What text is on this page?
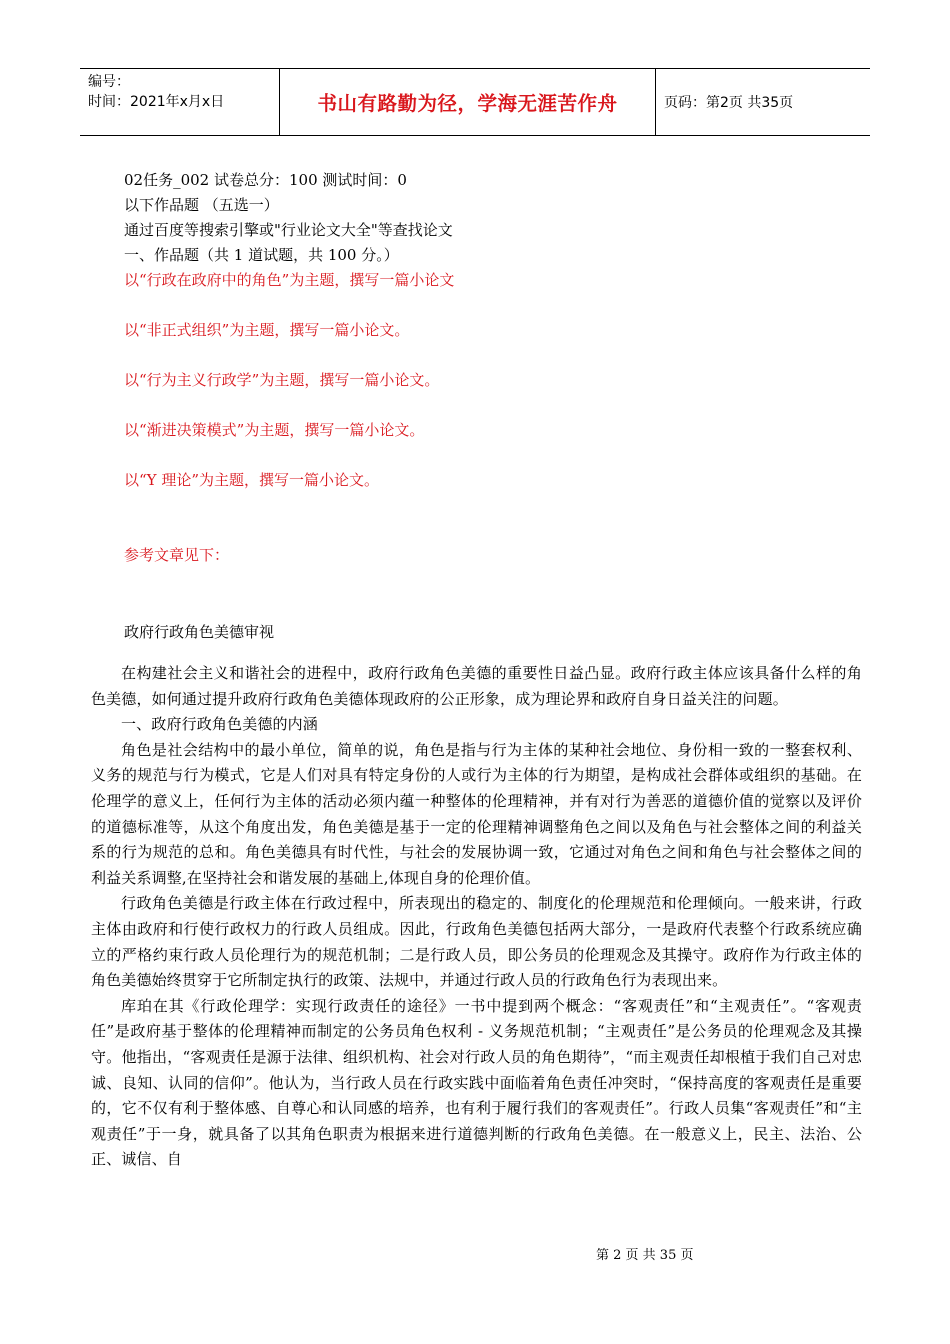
编号：
时间：2021年x月x日	书山有路勤为径，学海无涯苦作舟	页码：第2页 共35页
02任务_002 试卷总分：100 测试时间：0
以下作品题 （五选一）
通过百度等搜索引擎或"行业论文大全"等查找论文
一、作品题（共 1 道试题，共 100 分。）
以“行政在政府中的角色”为主题，撰写一篇小论文
以“非正式组织”为主题，撰写一篇小论文。
以“行为主义行政学”为主题，撰写一篇小论文。
以“渐进决策模式”为主题，撰写一篇小论文。
以“Y 理论”为主题，撰写一篇小论文。
参考文章见下：
政府行政角色美德审视

在构建社会主义和谐社会的进程中，政府行政角色美德的重要性日益凸显。政府行政主体应该具备什么样的角色美德，如何通过提升政府行政角色美德体现政府的公正形象，成为理论界和政府自身日益关注的问题。

一、政府行政角色美德的内涵

角色是社会结构中的最小单位，简单的说，角色是指与行为主体的某种社会地位、身份相一致的一整套权利、义务的规范与行为模式，它是人们对具有特定身份的人或行为主体的行为期望，是构成社会群体或组织的基础。在伦理学的意义上，任何行为主体的活动必须内蕴一种整体的伦理精神，并有对行为善恶的道德价值的觉察以及评价的道德标准等，从这个角度出发，角色美德是基于一定的伦理精神调整角色之间以及角色与社会整体之间的利益关系的行为规范的总和。角色美德具有时代性，与社会的发展协调一致，它通过对角色之间和角色与社会整体之间的利益关系调整,在坚持社会和谐发展的基础上,体现自身的伦理价值。

行政角色美德是行政主体在行政过程中，所表现出的稳定的、制度化的伦理规范和伦理倾向。一般来讲，行政主体由政府和行使行政权力的行政人员组成。因此，行政角色美德包括两大部分，一是政府代表整个行政系统应确立的严格约束行政人员伦理行为的规范机制；二是行政人员，即公务员的伦理观念及其操守。政府作为行政主体的角色美德始终贯穿于它所制定执行的政策、法规中，并通过行政人员的行政角色行为表现出来。

库珀在其《行政伦理学：实现行政责任的途径》一书中提到两个概念：“客观责任”和“主观责任”。“客观责任”是政府基于整体的伦理精神而制定的公务员角色权利 - 义务规范机制；“主观责任”是公务员的伦理观念及其操守。他指出，“客观责任是源于法律、组织机构、社会对行政人员的角色期待”，“而主观责任却根植于我们自己对忠诚、良知、认同的信仰”。他认为，当行政人员在行政实践中面临着角色责任冲突时，“保持高度的客观责任是重要的，它不仅有利于整体感、自尊心和认同感的培养，也有利于履行我们的客观责任”。行政人员集“客观责任”和“主观责任”于一身，就具备了以其角色职责为根据来进行道德判断的行政角色美德。在一般意义上，民主、法治、公正、诚信、自

第 2 页 共 35 页
